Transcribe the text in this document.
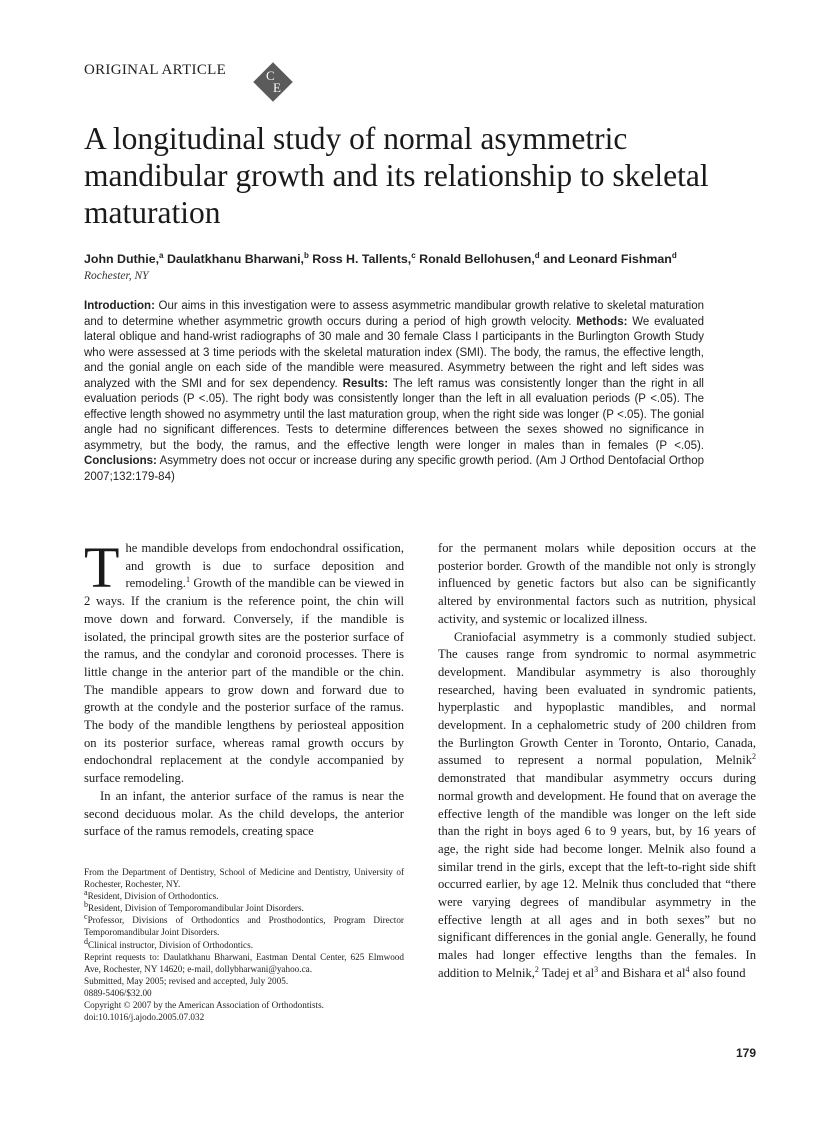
ORIGINAL ARTICLE	C
E
A longitudinal study of normal asymmetric mandibular growth and its relationship to skeletal maturation
John Duthie,$^a$ Daulatkhanu Bharwani,$^b$ Ross H. Tallents,$^c$ Ronald Bellohusen,$^d$ and Leonard Fishman$^d$
Rochester, NY

Introduction: Our aims in this investigation were to assess asymmetric mandibular growth relative to skeletal maturation and to determine whether asymmetric growth occurs during a period of high growth velocity. Methods: We evaluated lateral oblique and hand-wrist radiographs of 30 male and 30 female Class I participants in the Burlington Growth Study who were assessed at 3 time periods with the skeletal maturation index (SMI). The body, the ramus, the effective length, and the gonial angle on each side of the mandible were measured. Asymmetry between the right and left sides was analyzed with the SMI and for sex dependency. Results: The left ramus was consistently longer than the right in all evaluation periods (P <.05). The right body was consistently longer than the left in all evaluation periods (P <.05). The effective length showed no asymmetry until the last maturation group, when the right side was longer (P <.05). The gonial angle had no significant differences. Tests to determine differences between the sexes showed no significance in asymmetry, but the body, the ramus, and the effective length were longer in males than in females (P <.05). Conclusions: Asymmetry does not occur or increase during any specific growth period. (Am J Orthod Dentofacial Orthop 2007;132:179-84)

The mandible develops from endochondral ossification, and growth is due to surface deposition and remodeling.$^1$ Growth of the mandible can be viewed in 2 ways. If the cranium is the reference point, the chin will move down and forward. Conversely, if the mandible is isolated, the principal growth sites are the posterior surface of the ramus, and the condylar and coronoid processes. There is little change in the anterior part of the mandible or the chin. The mandible appears to grow down and forward due to growth at the condyle and the posterior surface of the ramus. The body of the mandible lengthens by periosteal apposition on its posterior surface, whereas ramal growth occurs by endochondral replacement at the condyle accompanied by surface remodeling.

In an infant, the anterior surface of the ramus is near the second deciduous molar. As the child develops, the anterior surface of the ramus remodels, creating space

for the permanent molars while deposition occurs at the posterior border. Growth of the mandible not only is strongly influenced by genetic factors but also can be significantly altered by environmental factors such as nutrition, physical activity, and systemic or localized illness.

Craniofacial asymmetry is a commonly studied subject. The causes range from syndromic to normal asymmetric development. Mandibular asymmetry is also thoroughly researched, having been evaluated in syndromic patients, hyperplastic and hypoplastic mandibles, and normal development. In a cephalometric study of 200 children from the Burlington Growth Center in Toronto, Ontario, Canada, assumed to represent a normal population, Melnik$^2$ demonstrated that mandibular asymmetry occurs during normal growth and development. He found that on average the effective length of the mandible was longer on the left side than the right in boys aged 6 to 9 years, but, by 16 years of age, the right side had become longer. Melnik also found a similar trend in the girls, except that the left-to-right side shift occurred earlier, by age 12. Melnik thus concluded that “there were varying degrees of mandibular asymmetry in the effective length at all ages and in both sexes” but no significant differences in the gonial angle. Generally, he found males had longer effective lengths than the females. In addition to Melnik,$^2$ Tadej et $al^3$ and Bishara et $al^4$ also found

From the Department of Dentistry, School of Medicine and Dentistry, University of Rochester, Rochester, NY.

$^a$Resident, Division of Orthodontics.

$^b$Resident, Division of Temporomandibular Joint Disorders.

$^c$Professor, Divisions of Orthodontics and Prosthodontics, Program Director Temporomandibular Joint Disorders.

$^d$Clinical instructor, Division of Orthodontics.

Reprint requests to: Daulatkhanu Bharwani, Eastman Dental Center, 625 Elmwood Ave, Rochester, NY 14620; e-mail, dollybharwani@yahoo.ca.

Submitted, May 2005; revised and accepted, July 2005.

0889-5406/$32.00

Copyright © 2007 by the American Association of Orthodontists.

doi:10.1016/j.ajodo.2005.07.032

179
